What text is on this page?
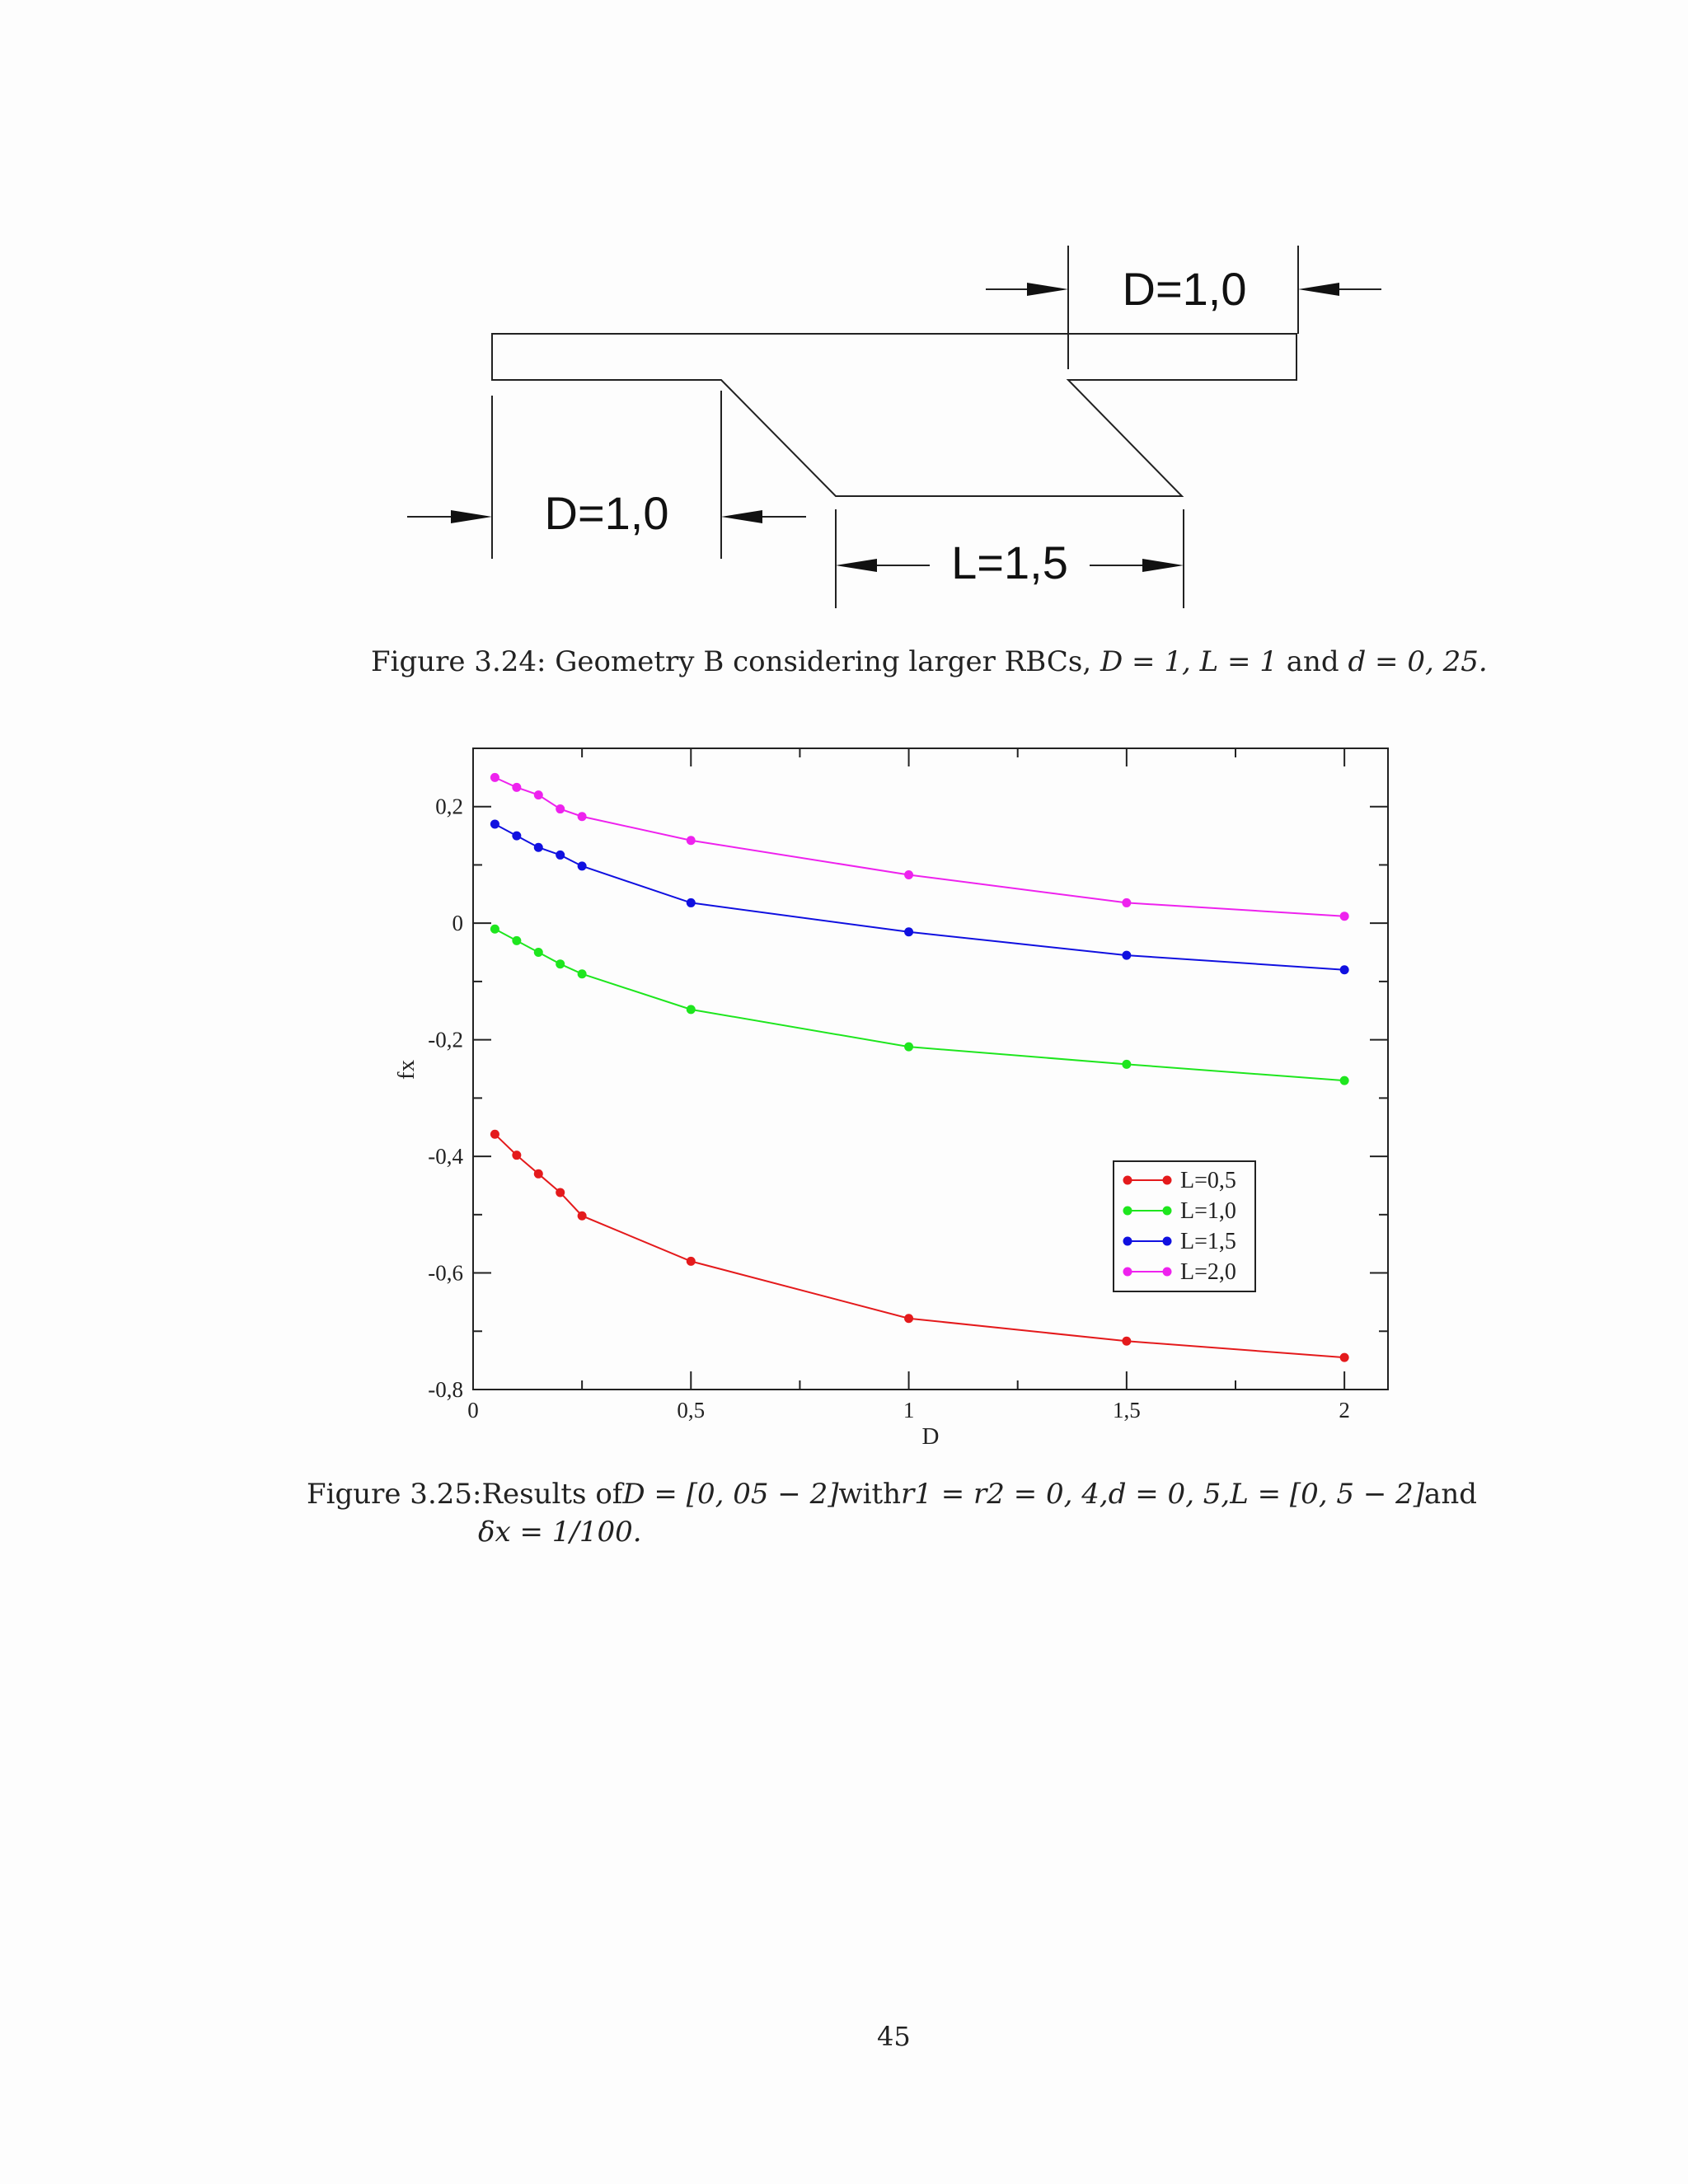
D=1,0
D=1,0
L=1,5
Figure 3.24: Geometry B considering larger RBCs, D = 1, L = 1 and d = 0, 25.
0	0,5	1	1,5	2
0,2
0
-0,2
-0,4
-0,6
-0,8
D
fx
L=0,5
L=1,0
L=1,5
L=2,0
Figure 3.25: Results of D = [0, 05 − 2] with r1 = r2 = 0, 4, d = 0, 5, L = [0, 5 − 2] and
δx = 1/100.
45
